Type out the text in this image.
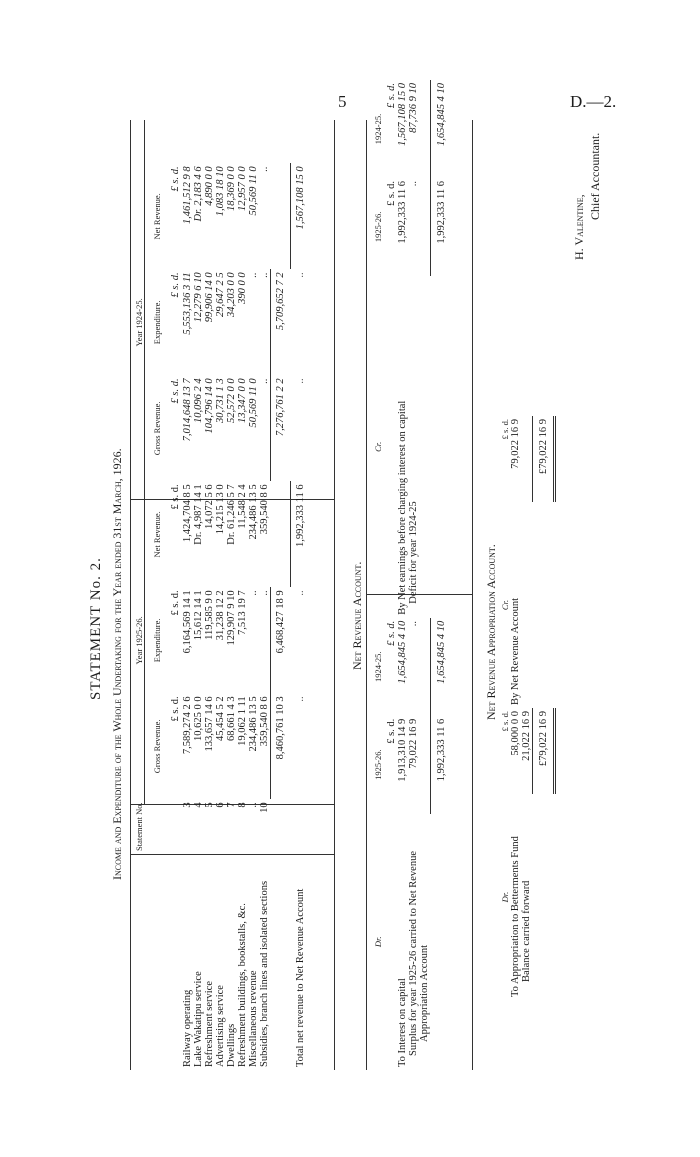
5	D.—2.
STATEMENT No. 2. Income and Expenditure of the Whole Undertaking for the Year ended 31st March, 1926.
	Statement No.	Year 1925-26.			Year 1924-25.		
		Gross Revenue.	Expenditure.	Net Revenue.	Gross Revenue.	Expenditure.	Net Revenue.
		£ s. d.	£ s. d.	£ s. d.	£ s. d.	£ s. d.	£ s. d.
Railway operating	3	7,589,274 2 6	6,164,569 14 1	1,424,704 8 5	7,014,648 13 7	5,553,136 3 11	1,461,512 9 8
Lake Wakatipu service	4	10,625 0 0	15,612 14 1	Dr. 4,987 14 1	10,096 2 4	12,279 6 10	Dr. 2,183 4 6
Refreshment service	5	133,657 14 6	119,585 9 0	14,072 5 6	104,796 14 0	99,906 14 0	4,890 0 0
Advertising service	6	45,454 5 2	31,238 12 2	14,215 13 0	30,731 1 3	29,647 2 5	1,083 18 10
Dwellings	7	68,661 4 3	129,907 9 10	Dr. 61,246 5 7	52,572 0 0	34,203 0 0	18,369 0 0
Refreshment buildings, bookstalls, &c.	8	19,062 1 11	7,513 19 7	11,548 2 4	13,347 0 0	390 0 0	12,957 0 0
Miscellaneous revenue	..	234,486 13 5	..	234,486 13 5	50,569 11 0	..	50,569 11 0
Subsidies, branch lines and isolated sections	10	359,540 8 6	..	359,540 8 6	..	..	..
		8,460,761 10 3	6,468,427 18 9		7,276,761 2 2	5,709,652 7 2	
Total net revenue to Net Revenue Account		..	..	1,992,333 11 6	..	..	1,567,108 15 0
Net Revenue Account.
Dr.	1925-26.	1924-25.	Cr.	1925-26.	1924-25.
	£ s. d.	£ s. d.		£ s. d.	£ s. d.
To Interest on capital	1,913,310 14 9	1,654,845 4 10	By Net earnings before charging interest on capital	1,992,333 11 6	1,567,108 15 0
Surplus for year 1925-26 carried to Net Revenue	79,022 16 9	..	Deficit for year 1924-25	..	87,736 9 10
Appropriation Account					
	1,992,333 11 6	1,654,845 4 10		1,992,333 11 6	1,654,845 4 10
Net Revenue Appropriation Account.
Dr.	£ s. d.	Cr.	£ s. d.
To Appropriation to Betterments Fund	58,000 0 0	By Net Revenue Account	79,022 16 9
Balance carried forward	21,022 16 9		
	£79,022 16 9		£79,022 16 9
H. Valentine,
Chief Accountant.
